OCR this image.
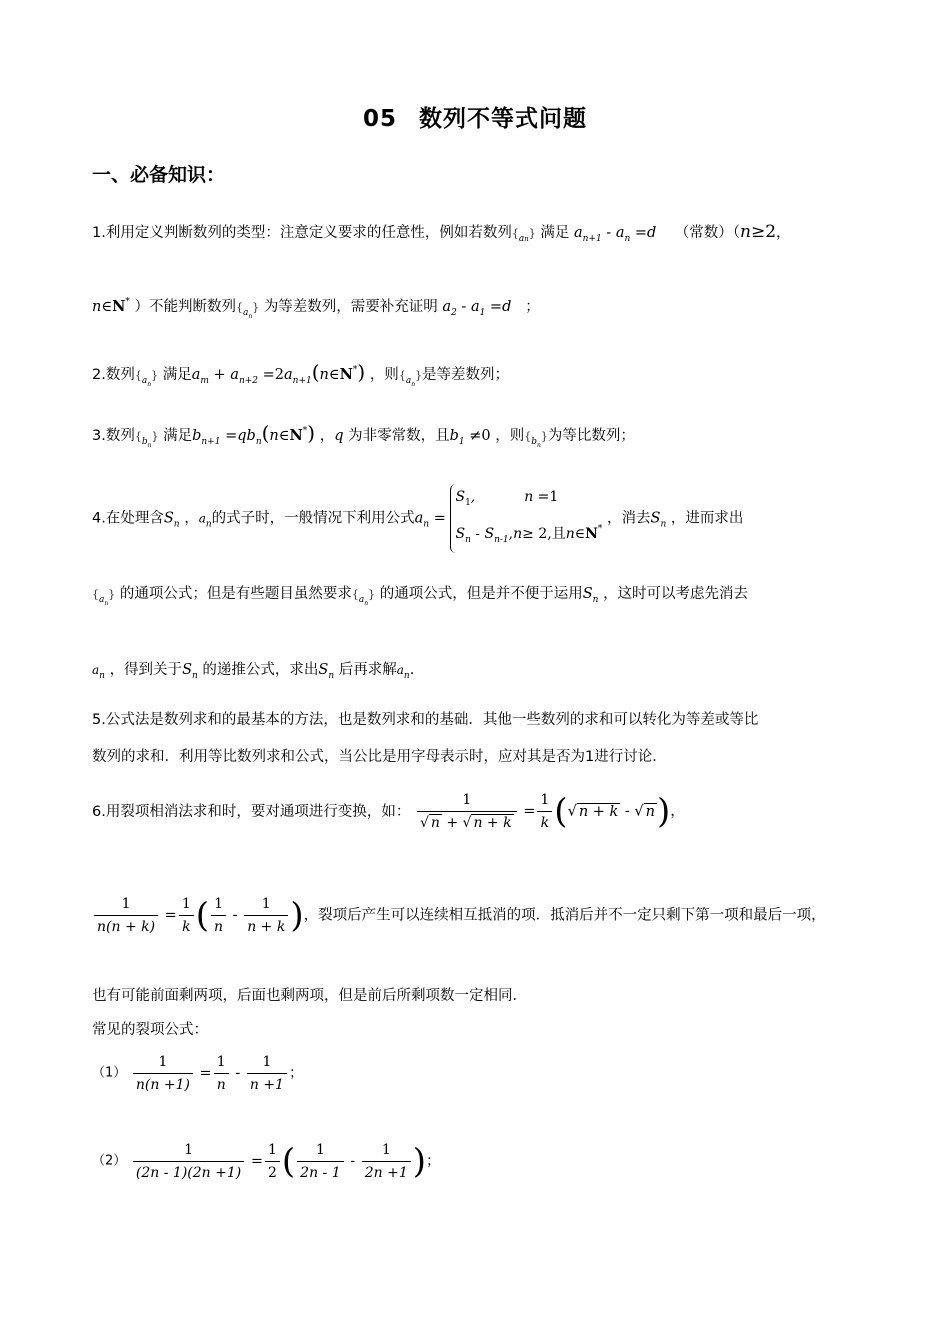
05 数列不等式问题
一、必备知识：
1.利用定义判断数列的类型：注意定义要求的任意性，例如若数列$\{_{an}\}$ 满足 $a_{n+1} - a_n =d$ （常数）（n≥2，
n∈N* ）不能判断数列$\{_{a_n}\}$ 为等差数列，需要补充证明 $a_2 - a_1 =d$ ；
2.数列$\{_{a_n}\}$ 满足$a_m + a_{n+2}$ $=2a_{n+1}(n\in N^*)$ ，则$\{_{a_n}\}$是等差数列；
3.数列$\{_{b_n}\}$ 满足$b_{n+1}$ $=qb_n(n\in N^*)$ ，q 为非零常数，且$b_1 \ne 0$ ，则$\{_{b_n}\}$为等比数列；
4.在处理含$S_n$ ，$a_n$的式子时，一般情况下利用公式$a_n$ =
$S_1$,           n =1
$S_n - S_{n-1},n\ge 2$,且n∈N*
，消去$S_n$ ，进而求出
$\{_{a_n}\}$ 的通项公式；但是有些题目虽然要求$\{_{a_n}\}$ 的通项公式，但是并不便于运用$S_n$ ，这时可以考虑先消去
$a_n$ ，得到关于$S_n$ 的递推公式，求出$S_n$ 后再求解$a_n$.
5.公式法是数列求和的最基本的方法，也是数列求和的基础．其他一些数列的求和可以转化为等差或等比
数列的求和．利用等比数列求和公式，当公比是用字母表示时，应对其是否为1进行讨论．
6.用裂项相消法求和时，要对通项进行变换，如： $\frac{1}{√ n + √ n + k} = \frac{1}{k}$ (√ n + k - √ n)，
$\frac{1}{n(n + k)} = \frac{1}{k}$ ( $\frac{1}{n} - \frac{1}{n + k}$ )，裂项后产生可以连续相互抵消的项．抵消后并不一定只剩下第一项和最后一项，
也有可能前面剩两项，后面也剩两项，但是前后所剩项数一定相同．
常见的裂项公式：
$(1) \frac{1}{n(n +1)} = \frac{1}{n} - \frac{1}{n +1}$ ；
$(2) \frac{1}{(2n - 1)(2n +1)} = \frac{1}{2}$ ( $\frac{1}{2n - 1} - \frac{1}{2n +1}$ )；
